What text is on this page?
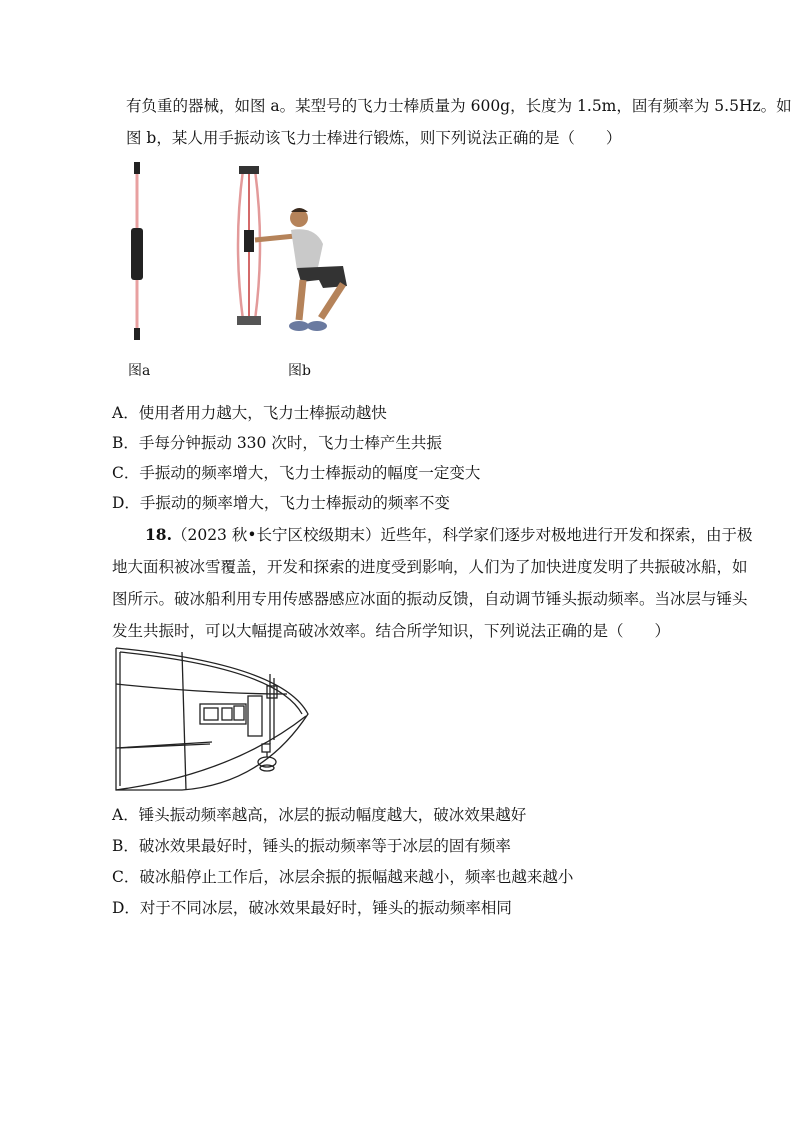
有负重的器械，如图 a。某型号的飞力士棒质量为 600g，长度为 1.5m，固有频率为 5.5Hz。如
图 b，某人用手振动该飞力士棒进行锻炼，则下列说法正确的是（　　）
图a	图b
A．使用者用力越大，飞力士棒振动越快
B．手每分钟振动 330 次时，飞力士棒产生共振
C．手振动的频率增大，飞力士棒振动的幅度一定变大
D．手振动的频率增大，飞力士棒振动的频率不变
18.（2023 秋•长宁区校级期末）近些年，科学家们逐步对极地进行开发和探索，由于极
地大面积被冰雪覆盖，开发和探索的进度受到影响，人们为了加快进度发明了共振破冰船，如
图所示。破冰船利用专用传感器感应冰面的振动反馈，自动调节锤头振动频率。当冰层与锤头
发生共振时，可以大幅提高破冰效率。结合所学知识，下列说法正确的是（　　）
A．锤头振动频率越高，冰层的振动幅度越大，破冰效果越好
B．破冰效果最好时，锤头的振动频率等于冰层的固有频率
C．破冰船停止工作后，冰层余振的振幅越来越小，频率也越来越小
D．对于不同冰层，破冰效果最好时，锤头的振动频率相同
